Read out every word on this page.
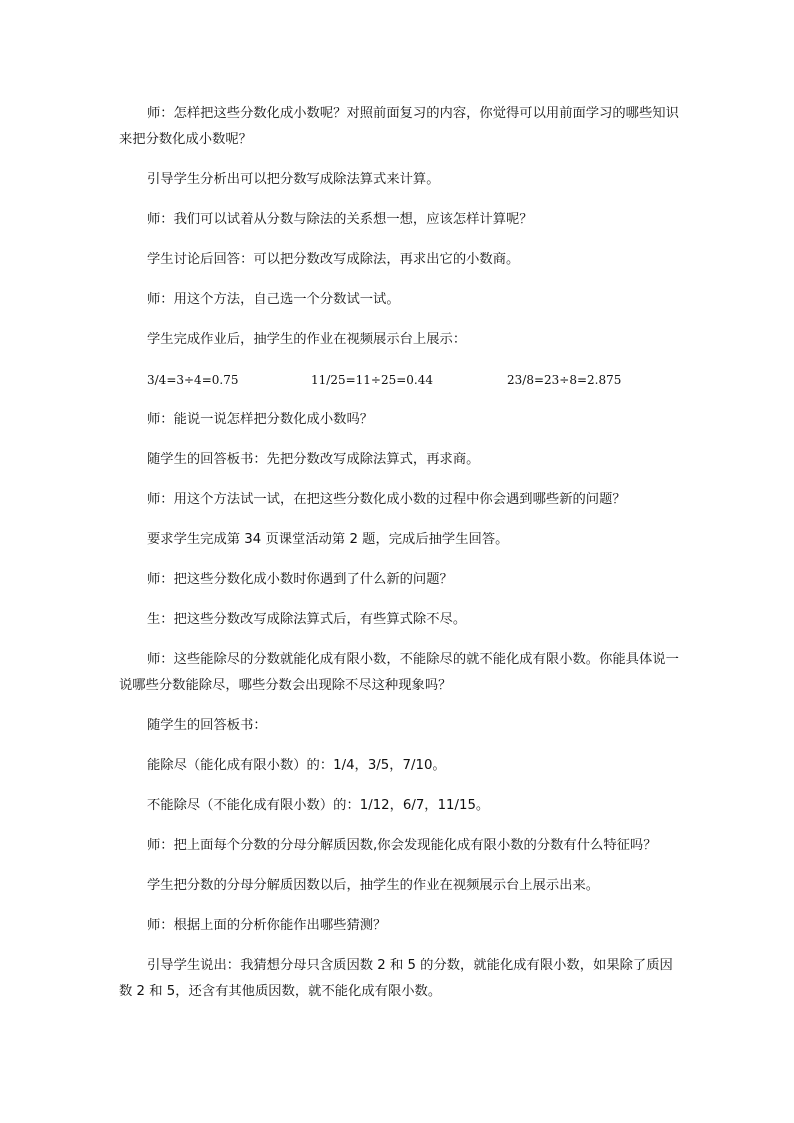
师：怎样把这些分数化成小数呢？对照前面复习的内容，你觉得可以用前面学习的哪些知识来把分数化成小数呢？

引导学生分析出可以把分数写成除法算式来计算。

师：我们可以试着从分数与除法的关系想一想，应该怎样计算呢？

学生讨论后回答：可以把分数改写成除法，再求出它的小数商。

师：用这个方法，自己选一个分数试一试。

学生完成作业后，抽学生的作业在视频展示台上展示：

3/4=3÷4=0.75	11/25=11÷25=0.44	23/8=23÷8=2.875

师：能说一说怎样把分数化成小数吗？

随学生的回答板书：先把分数改写成除法算式，再求商。

师：用这个方法试一试，在把这些分数化成小数的过程中你会遇到哪些新的问题？

要求学生完成第 34 页课堂活动第 2 题，完成后抽学生回答。

师：把这些分数化成小数时你遇到了什么新的问题？

生：把这些分数改写成除法算式后，有些算式除不尽。

师：这些能除尽的分数就能化成有限小数，不能除尽的就不能化成有限小数。你能具体说一说哪些分数能除尽，哪些分数会出现除不尽这种现象吗？

随学生的回答板书：

能除尽（能化成有限小数）的：1/4，3/5，7/10。

不能除尽（不能化成有限小数）的：1/12，6/7，11/15。

师：把上面每个分数的分母分解质因数,你会发现能化成有限小数的分数有什么特征吗？

学生把分数的分母分解质因数以后，抽学生的作业在视频展示台上展示出来。

师：根据上面的分析你能作出哪些猜测？

引导学生说出：我猜想分母只含质因数 2 和 5 的分数，就能化成有限小数，如果除了质因数 2 和 5，还含有其他质因数，就不能化成有限小数。
